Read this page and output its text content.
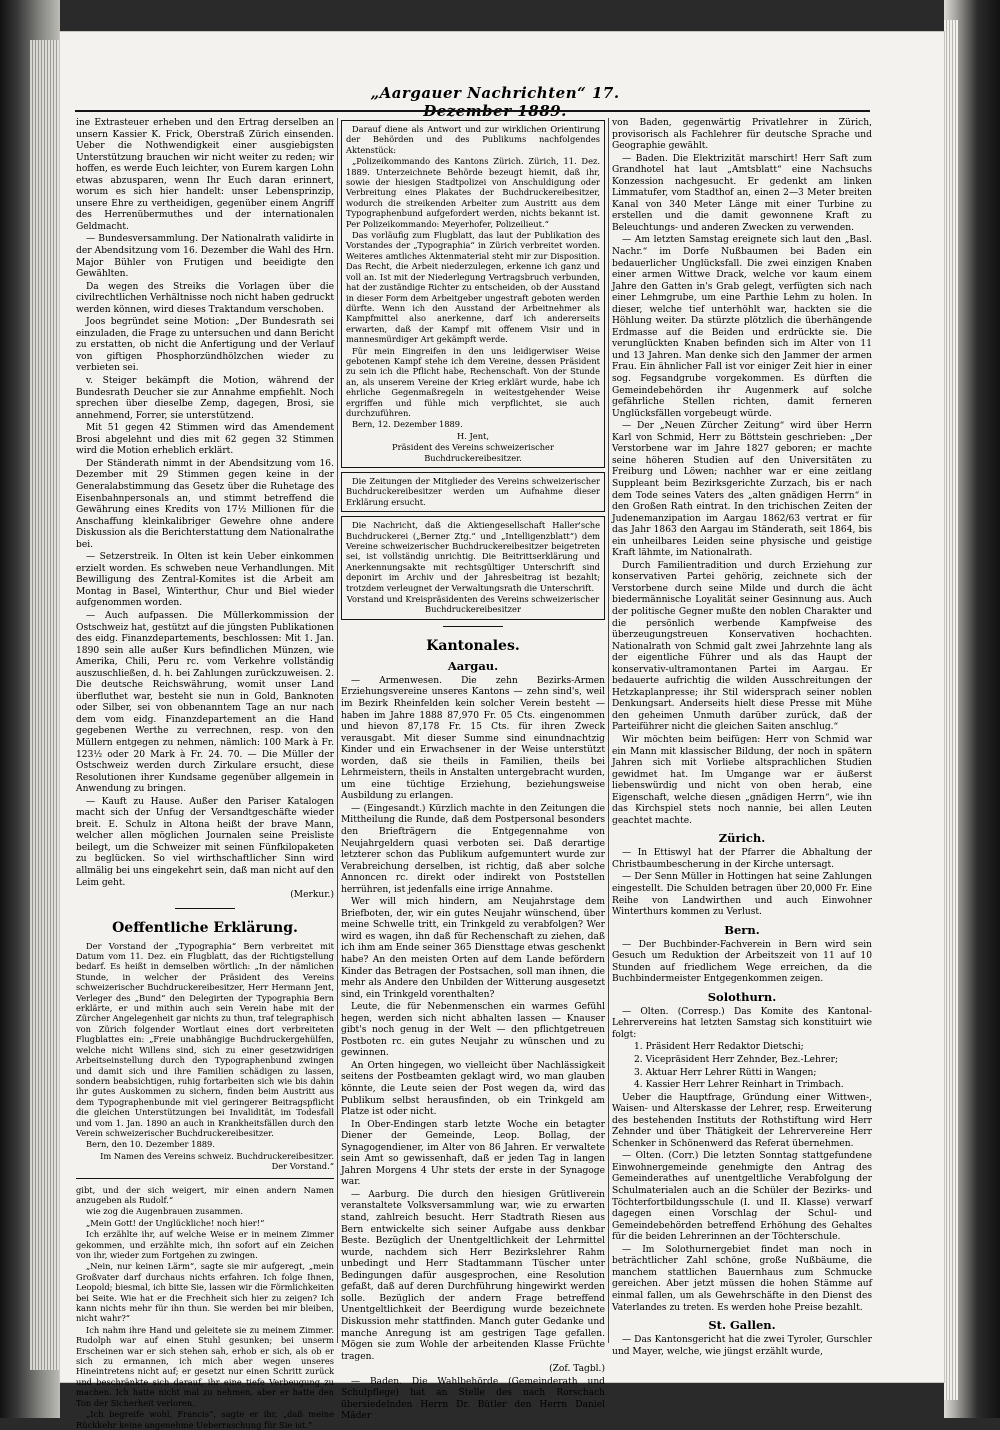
„Aargauer Nachrichten“ 17. Dezember 1889.

ine Extrasteuer erheben und den Ertrag derselben an unsern Kassier K. Frick, Oberstraß Zürich einsenden. Ueber die Nothwendigkeit einer ausgiebigsten Unterstützung brauchen wir nicht weiter zu reden; wir hoffen, es werde Euch leichter, von Eurem kargen Lohn etwas abzusparen, wenn Ihr Euch daran erinnert, worum es sich hier handelt: unser Lebensprinzip, unsere Ehre zu vertheidigen, gegenüber einem Angriff des Herrenübermuthes und der internationalen Geldmacht.

— Bundesversammlung. Der Nationalrath validirte in der Abendsitzung vom 16. Dezember die Wahl des Hrn. Major Bühler von Frutigen und beeidigte den Gewählten.

Da wegen des Streiks die Vorlagen über die civilrechtlichen Verhältnisse noch nicht haben gedruckt werden können, wird dieses Traktandum verschoben.

Joos begründet seine Motion: „Der Bundesrath sei einzuladen, die Frage zu untersuchen und dann Bericht zu erstatten, ob nicht die Anfertigung und der Verlauf von giftigen Phosphorzündhölzchen wieder zu verbieten sei.

v. Steiger bekämpft die Motion, während der Bundesrath Deucher sie zur Annahme empfiehlt. Noch sprechen über dieselbe Zemp, dagegen, Brosi, sie annehmend, Forrer, sie unterstützend.

Mit 51 gegen 42 Stimmen wird das Amendement Brosi abgelehnt und dies mit 62 gegen 32 Stimmen wird die Motion erheblich erklärt.

Der Ständerath nimmt in der Abendsitzung vom 16. Dezember mit 29 Stimmen gegen keine in der Generalabstimmung das Gesetz über die Ruhetage des Eisenbahnpersonals an, und stimmt betreffend die Gewährung eines Kredits von 17½ Millionen für die Anschaffung kleinkalibriger Gewehre ohne andere Diskussion als die Berichterstattung dem Nationalrathe bei.

— Setzerstreik. In Olten ist kein Ueber einkommen erzielt worden. Es schweben neue Verhandlungen. Mit Bewilligung des Zentral-Komites ist die Arbeit am Montag in Basel, Winterthur, Chur und Biel wieder aufgenommen worden.

— Auch aufpassen. Die Müllerkommission der Ostschweiz hat, gestützt auf die jüngsten Publikationen des eidg. Finanzdepartements, beschlossen: Mit 1. Jan. 1890 sein alle außer Kurs befindlichen Münzen, wie Amerika, Chili, Peru rc. vom Verkehre vollständig auszuschließen, d. h. bei Zahlungen zurückzuweisen. 2. Die deutsche Reichswährung, womit unser Land überfluthet war, besteht sie nun in Gold, Banknoten oder Silber, sei von obbenanntem Tage an nur nach dem vom eidg. Finanzdepartement an die Hand gegebenen Werthe zu verrechnen, resp. von den Müllern entgegen zu nehmen, nämlich: 100 Mark à Fr. 123½ oder 20 Mark à Fr. 24. 70. — Die Müller der Ostschweiz werden durch Zirkulare ersucht, diese Resolutionen ihrer Kundsame gegenüber allgemein in Anwendung zu bringen.

— Kauft zu Hause. Außer den Pariser Katalogen macht sich der Unfug der Versandtgeschäfte wieder breit. E. Schulz in Altona heißt der brave Mann, welcher allen möglichen Journalen seine Preisliste beilegt, um die Schweizer mit seinen Fünfkilopaketen zu beglücken. So viel wirthschaftlicher Sinn wird allmälig bei uns eingekehrt sein, daß man nicht auf den Leim geht.

(Merkur.)

Oeffentliche Erklärung.

Der Vorstand der „Typographia“ Bern verbreitet mit Datum vom 11. Dez. ein Flugblatt, das der Richtigstellung bedarf. Es heißt in demselben wörtlich: „In der nämlichen Stunde, in welcher der Präsident des Vereins schweizerischer Buchdruckereibesitzer, Herr Hermann Jent, Verleger des „Bund“ den Delegirten der Typographia Bern erklärte, er und mithin auch sein Verein habe mit der Zürcher Angelegenheit gar nichts zu thun, traf telegraphisch von Zürich folgender Wortlaut eines dort verbreiteten Flugblattes ein: „Freie unabhängige Buchdruckergehülfen, welche nicht Willens sind, sich zu einer gesetzwidrigen Arbeitseinstellung durch den Typographenbund zwingen und damit sich und ihre Familien schädigen zu lassen, sondern beabsichtigen, ruhig fortarbeiten sich wie bis dahin ihr gutes Auskommen zu sichern, finden beim Austritt aus dem Typographenbunde mit viel geringerer Beitragspflicht die gleichen Unterstützungen bei Invalidität, im Todesfall und vom 1. Jan. 1890 an auch in Krankheitsfällen durch den Verein schweizerischer Buchdruckereibesitzer.

Bern, den 10. Dezember 1889.

Im Namen des Vereins schweiz. Buchdruckereibesitzer. Der Vorstand.“

gibt, und der sich weigert, mir einen andern Namen anzugeben als Rudolf.“

wie zog die Augenbrauen zusammen.

„Mein Gott! der Unglückliche! noch hier!“

Ich erzählte ihr, auf welche Weise er in meinem Zimmer gekommen, und erzählte mich, ihn sofort auf ein Zeichen von ihr, wieder zum Fortgehen zu zwingen.

„Nein, nur keinen Lärm“, sagte sie mir aufgeregt, „mein Großvater darf durchaus nichts erfahren. Ich folge Ihnen, Leopold; biesmal, ich bitte Sie, lassen wir die Förmlichkeiten bei Seite. Wie hat er die Frechheit sich hier zu zeigen? Ich kann nichts mehr für ihn thun. Sie werden bei mir bleiben, nicht wahr?“

Ich nahm ihre Hand und geleitete sie zu meinem Zimmer. Rudolph war auf einen Stuhl gesunken; bei unserm Erscheinen war er sich stehen sah, erhob er sich, als ob er sich zu ermannen, ich mich aber wegen unseres Hineintretens nicht auf; er gesetzt nur einen Schritt zurück und beschränkte sich darauf, ihr eine tiefe Verbeugung zu machen. Ich hatte nicht mal zu nehmen, aber er hatte den Ton der Sicherheit verloren.

„Ich begreife wohl, Francis“, sagte er ihr, „daß meine Rückkehr keine angenehme Ueberraschung für Sie ist.“

Darauf diene als Antwort und zur wirklichen Orientirung der Behörden und des Publikums nachfolgendes Aktenstück:

„Polizeikommando des Kantons Zürich. Zürich, 11. Dez. 1889. Unterzeichnete Behörde bezeugt hiemit, daß ihr, sowie der hiesigen Stadtpolizei von Anschuldigung oder Verbreitung eines Plakates der Buchdruckereibesitzer, wodurch die streikenden Arbeiter zum Austritt aus dem Typographenbund aufgefordert werden, nichts bekannt ist. Per Polizeikommando: Meyerhofer, Polizeilieut.“

Das vorläufig zum Flugblatt, das laut der Publikation des Vorstandes der „Typographia“ in Zürich verbreitet worden. Weiteres amtliches Aktenmaterial steht mir zur Disposition. Das Recht, die Arbeit niederzulegen, erkenne ich ganz und voll an. Ist mit der Niederlegung Vertragsbruch verbunden, hat der zuständige Richter zu entscheiden, ob der Ausstand in dieser Form dem Arbeitgeber ungestraft geboten werden dürfte. Wenn ich den Ausstand der Arbeitnehmer als Kampfmittel also anerkenne, darf ich andererseits erwarten, daß der Kampf mit offenem Visir und in mannesmürdiger Art gekämpft werde.

Für mein Eingreifen in den uns leidigerwiser Weise gebotenen Kampf stehe ich dem Vereine, dessen Präsident zu sein ich die Pflicht habe, Rechenschaft. Von der Stunde an, als unserem Vereine der Krieg erklärt wurde, habe ich ehrliche Gegenmaßregeln in weitestgehender Weise ergriffen und fühle mich verpflichtet, sie auch durchzuführen.

Bern, 12. Dezember 1889.

H. Jent,

Präsident des Vereins schweizerischer Buchdruckereibesitzer.

Die Zeitungen der Mitglieder des Vereins schweizerischer Buchdruckereibesitzer werden um Aufnahme dieser Erklärung ersucht.

Die Nachricht, daß die Aktiengesellschaft Haller'sche Buchdruckerei („Berner Ztg.“ und „Intelligenzblatt“) dem Vereine schweizerischer Buchdruckereibesitzer beigetreten sei, ist vollständig unrichtig. Die Beitrittserklärung und Anerkennungsakte mit rechtsgültiger Unterschrift sind deponirt im Archiv und der Jahresbeitrag ist bezahlt; trotzdem verleugnet der Verwaltungsrath die Unterschrift.

Vorstand und Kreispräsidenten des Vereins schweizerischer Buchdruckereibesitzer

Kantonales.
Aargau.

— Armenwesen. Die zehn Bezirks-Armen Erziehungsvereine unseres Kantons — zehn sind's, weil im Bezirk Rheinfelden kein solcher Verein besteht — haben im Jahre 1888 87,970 Fr. 05 Cts. eingenommen und hievon 87,178 Fr. 15 Cts. für ihren Zweck verausgabt. Mit dieser Summe sind einundnachtzig Kinder und ein Erwachsener in der Weise unterstützt worden, daß sie theils in Familien, theils bei Lehrmeistern, theils in Anstalten untergebracht wurden, um eine tüchtige Erziehung, beziehungsweise Ausbildung zu erlangen.

— (Eingesandt.) Kürzlich machte in den Zeitungen die Mittheilung die Runde, daß dem Postpersonal besonders den Briefträgern die Entgegennahme von Neujahrgeldern quasi verboten sei. Daß derartige letzterer schon das Publikum aufgemuntert wurde zur Verabreichung derselben, ist richtig, daß aber solche Annoncen rc. direkt oder indirekt von Poststellen herrühren, ist jedenfalls eine irrige Annahme.

Wer will mich hindern, am Neujahrstage dem Briefboten, der, wir ein gutes Neujahr wünschend, über meine Schwelle tritt, ein Trinkgeld zu verabfolgen? Wer wird es wagen, ihn daß für Rechenschaft zu ziehen, daß ich ihm am Ende seiner 365 Diensttage etwas geschenkt habe? An den meisten Orten auf dem Lande befördern Kinder das Betragen der Postsachen, soll man ihnen, die mehr als Andere den Unbilden der Witterung ausgesetzt sind, ein Trinkgeld vorenthalten?

Leute, die für Nebenmenschen ein warmes Gefühl hegen, werden sich nicht abhalten lassen — Knauser gibt's noch genug in der Welt — den pflichtgetreuen Postboten rc. ein gutes Neujahr zu wünschen und zu gewinnen.

An Orten hingegen, wo vielleicht über Nachlässigkeit seitens der Postbeamten geklagt wird, wo man glauben könnte, die Leute seien der Post wegen da, wird das Publikum selbst herausfinden, ob ein Trinkgeld am Platze ist oder nicht.

In Ober-Endingen starb letzte Woche ein betagter Diener der Gemeinde, Leop. Bollag, der Synagogendiener, im Alter von 86 Jahren. Er verwaltete sein Amt so gewissenhaft, daß er jeden Tag in langen Jahren Morgens 4 Uhr stets der erste in der Synagoge war.

— Aarburg. Die durch den hiesigen Grütliverein veranstaltete Volksversammlung war, wie zu erwarten stand, zahlreich besucht. Herr Stadtrath Riesen aus Bern entwickelte sich seiner Aufgabe auss denkbar Beste. Bezüglich der Unentgeltlichkeit der Lehrmittel wurde, nachdem sich Herr Bezirkslehrer Rahm unbedingt und Herr Stadtammann Tüscher unter Bedingungen dafür ausgesprochen, eine Resolution gefaßt, daß auf deren Durchführung hingewirkt werden solle. Bezüglich der andern Frage betreffend Unentgeltlichkeit der Beerdigung wurde bezeichnete Diskussion mehr stattfinden. Manch guter Gedanke und manche Anregung ist am gestrigen Tage gefallen. Mögen sie zum Wohle der arbeitenden Klasse Früchte tragen.

(Zof. Tagbl.)

— Baden. Die Wahlbehörde (Gemeinderath und Schulpflege) hat an Stelle des nach Rorschach übersiedelnden Herrn Dr. Bütler den Herrn Daniel Mäder

von Baden, gegenwärtig Privatlehrer in Zürich, provisorisch als Fachlehrer für deutsche Sprache und Geographie gewählt.

— Baden. Die Elektrizität marschirt! Herr Saft zum Grandhotel hat laut „Amtsblatt“ eine Nachsuchs Konzession nachgesucht. Er gedenkt am linken Limmatufer, vom Stadthof an, einen 2—3 Meter breiten Kanal von 340 Meter Länge mit einer Turbine zu erstellen und die damit gewonnene Kraft zu Beleuchtungs- und anderen Zwecken zu verwenden.

— Am letzten Samstag ereignete sich laut den „Basl. Nachr.“ im Dorfe Nußbaumen bei Baden ein bedauerlicher Unglücksfall. Die zwei einzigen Knaben einer armen Wittwe Drack, welche vor kaum einem Jahre den Gatten in's Grab gelegt, verfügten sich nach einer Lehmgrube, um eine Parthie Lehm zu holen. In dieser, welche tief unterhöhlt war, hackten sie die Höhlung weiter. Da stürzte plötzlich die überhängende Erdmasse auf die Beiden und erdrückte sie. Die verunglückten Knaben befinden sich im Alter von 11 und 13 Jahren. Man denke sich den Jammer der armen Frau. Ein ähnlicher Fall ist vor einiger Zeit hier in einer sog. Fegsandgrube vorgekommen. Es dürften die Gemeindebehörden ihr Augenmerk auf solche gefährliche Stellen richten, damit ferneren Unglücksfällen vorgebeugt würde.

— Der „Neuen Zürcher Zeitung“ wird über Herrn Karl von Schmid, Herr zu Böttstein geschrieben: „Der Verstorbene war im Jahre 1827 geboren; er machte seine höheren Studien auf den Universitäten zu Freiburg und Löwen; nachher war er eine zeitlang Suppleant beim Bezirksgerichte Zurzach, bis er nach dem Tode seines Vaters des „alten gnädigen Herrn“ in den Großen Rath eintrat. In den trichischen Zeiten der Judenemanzipation im Aargau 1862/63 vertrat er für das Jahr 1863 den Aargau im Ständerath, seit 1864, bis ein unheilbares Leiden seine physische und geistige Kraft lähmte, im Nationalrath.

Durch Familientradition und durch Erziehung zur konservativen Partei gehörig, zeichnete sich der Verstorbene durch seine Milde und durch die ächt biedermännische Loyalität seiner Gesinnung aus. Auch der politische Gegner mußte den noblen Charakter und die persönlich werbende Kampfweise des überzeugungstreuen Konservativen hochachten. Nationalrath von Schmid galt zwei Jahrzehnte lang als der eigentliche Führer und als das Haupt der konservativ-ultramontanen Partei im Aargau. Er bedauerte aufrichtig die wilden Ausschreitungen der Hetzkaplanpresse; ihr Stil widersprach seiner noblen Denkungsart. Anderseits hielt diese Presse mit Mühe den geheimen Unmuth darüber zurück, daß der Parteiführer nicht die gleichen Saiten anschlug.“

Wir möchten beim beifügen: Herr von Schmid war ein Mann mit klassischer Bildung, der noch in spätern Jahren sich mit Vorliebe altsprachlichen Studien gewidmet hat. Im Umgange war er äußerst liebenswürdig und nicht von oben herab, eine Eigenschaft, welche diesen „gnädigen Herrn“, wie ihn das Kirchspiel stets noch nannie, bei allen Leuten geachtet machte.

Zürich.

— In Ettiswyl hat der Pfarrer die Abhaltung der Christbaumbescherung in der Kirche untersagt.

— Der Senn Müller in Hottingen hat seine Zahlungen eingestellt. Die Schulden betragen über 20,000 Fr. Eine Reihe von Landwirthen und auch Einwohner Winterthurs kommen zu Verlust.

Bern.

— Der Buchbinder-Fachverein in Bern wird sein Gesuch um Reduktion der Arbeitszeit von 11 auf 10 Stunden auf friedlichem Wege erreichen, da die Buchbindermeister Entgegenkommen zeigen.

Solothurn.

— Olten. (Corresp.) Das Komite des Kantonal-Lehrervereins hat letzten Samstag sich konstituirt wie folgt:

1. Präsident Herr Redaktor Dietschi;

2. Vicepräsident Herr Zehnder, Bez.-Lehrer;

3. Aktuar Herr Lehrer Rütti in Wangen;

4. Kassier Herr Lehrer Reinhart in Trimbach.

Ueber die Hauptfrage, Gründung einer Wittwen-, Waisen- und Alterskasse der Lehrer, resp. Erweiterung des bestehenden Instituts der Rothstiftung wird Herr Zehnder und über Thätigkeit der Lehrervereine Herr Schenker in Schönenwerd das Referat übernehmen.

— Olten. (Corr.) Die letzten Sonntag stattgefundene Einwohnergemeinde genehmigte den Antrag des Gemeinderathes auf unentgeltliche Verabfolgung der Schulmaterialen auch an die Schüler der Bezirks- und Töchterfortbildungsschule (I. und II. Klasse) verwarf dagegen einen Vorschlag der Schul- und Gemeindebehörden betreffend Erhöhung des Gehaltes für die beiden Lehrerinnen an der Töchterschule.

— Im Solothurnergebiet findet man noch in beträchtlicher Zahl schöne, große Nußbäume, die manchem stattlichen Bauernhaus zum Schmucke gereichen. Aber jetzt müssen die hohen Stämme auf einmal fallen, um als Gewehrschäfte in den Dienst des Vaterlandes zu treten. Es werden hohe Preise bezahlt.

St. Gallen.

— Das Kantonsgericht hat die zwei Tyroler, Gurschler und Mayer, welche, wie jüngst erzählt wurde,
